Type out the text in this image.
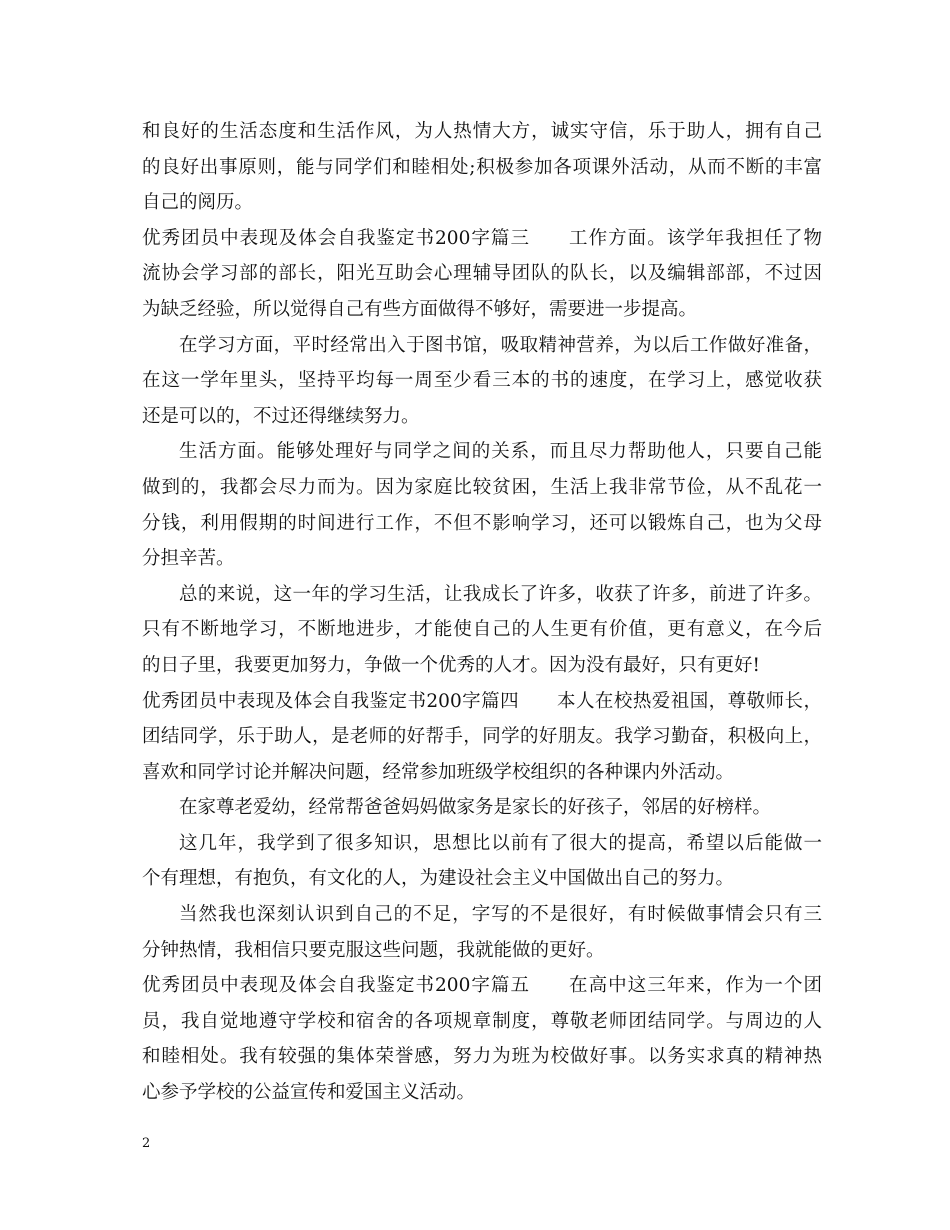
和良好的生活态度和生活作风，为人热情大方，诚实守信，乐于助人，拥有自己
的良好出事原则，能与同学们和睦相处;积极参加各项课外活动，从而不断的丰富
自己的阅历。
优秀团员中表现及体会自我鉴定书200字篇三　　工作方面。该学年我担任了物
流协会学习部的部长，阳光互助会心理辅导团队的队长，以及编辑部部，不过因
为缺乏经验，所以觉得自己有些方面做得不够好，需要进一步提高。
在学习方面，平时经常出入于图书馆，吸取精神营养，为以后工作做好准备，
在这一学年里头，坚持平均每一周至少看三本的书的速度，在学习上，感觉收获
还是可以的，不过还得继续努力。
生活方面。能够处理好与同学之间的关系，而且尽力帮助他人，只要自己能
做到的，我都会尽力而为。因为家庭比较贫困，生活上我非常节俭，从不乱花一
分钱，利用假期的时间进行工作，不但不影响学习，还可以锻炼自己，也为父母
分担辛苦。
总的来说，这一年的学习生活，让我成长了许多，收获了许多，前进了许多。
只有不断地学习，不断地进步，才能使自己的人生更有价值，更有意义，在今后
的日子里，我要更加努力，争做一个优秀的人才。因为没有最好，只有更好!
优秀团员中表现及体会自我鉴定书200字篇四　　本人在校热爱祖国，尊敬师长，
团结同学，乐于助人，是老师的好帮手，同学的好朋友。我学习勤奋，积极向上，
喜欢和同学讨论并解决问题，经常参加班级学校组织的各种课内外活动。
在家尊老爱幼，经常帮爸爸妈妈做家务是家长的好孩子，邻居的好榜样。
这几年，我学到了很多知识，思想比以前有了很大的提高，希望以后能做一
个有理想，有抱负，有文化的人，为建设社会主义中国做出自己的努力。
当然我也深刻认识到自己的不足，字写的不是很好，有时候做事情会只有三
分钟热情，我相信只要克服这些问题，我就能做的更好。
优秀团员中表现及体会自我鉴定书200字篇五　　在高中这三年来，作为一个团
员，我自觉地遵守学校和宿舍的各项规章制度，尊敬老师团结同学。与周边的人
和睦相处。我有较强的集体荣誉感，努力为班为校做好事。以务实求真的精神热
心参予学校的公益宣传和爱国主义活动。
2
